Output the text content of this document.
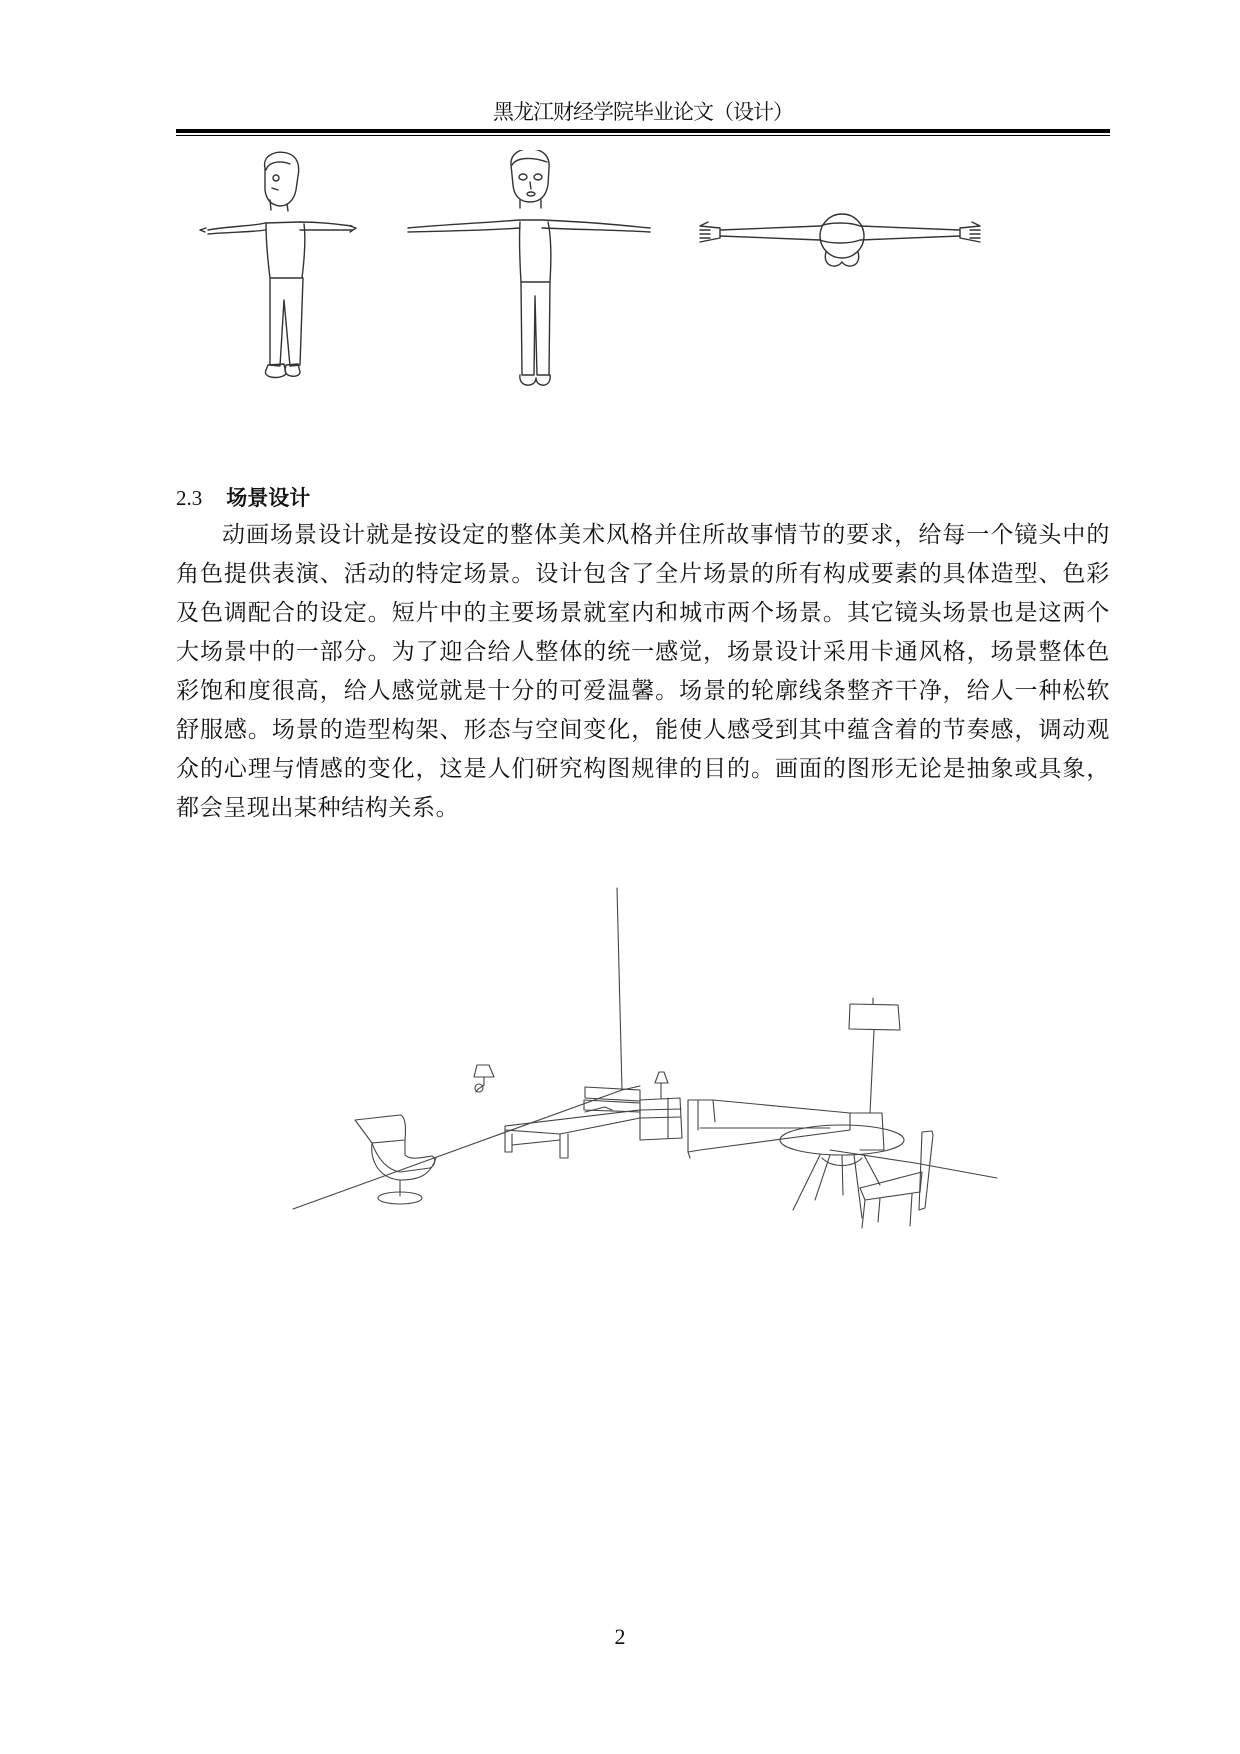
黑龙江财经学院毕业论文（设计）
2.3 场景设计

动画场景设计就是按设定的整体美术风格并住所故事情节的要求，给每一个镜头中的角色提供表演、活动的特定场景。设计包含了全片场景的所有构成要素的具体造型、色彩及色调配合的设定。短片中的主要场景就室内和城市两个场景。其它镜头场景也是这两个大场景中的一部分。为了迎合给人整体的统一感觉，场景设计采用卡通风格，场景整体色彩饱和度很高，给人感觉就是十分的可爱温馨。场景的轮廓线条整齐干净，给人一种松软舒服感。场景的造型构架、形态与空间变化，能使人感受到其中蕴含着的节奏感，调动观众的心理与情感的变化，这是人们研究构图规律的目的。画面的图形无论是抽象或具象，都会呈现出某种结构关系。

2
